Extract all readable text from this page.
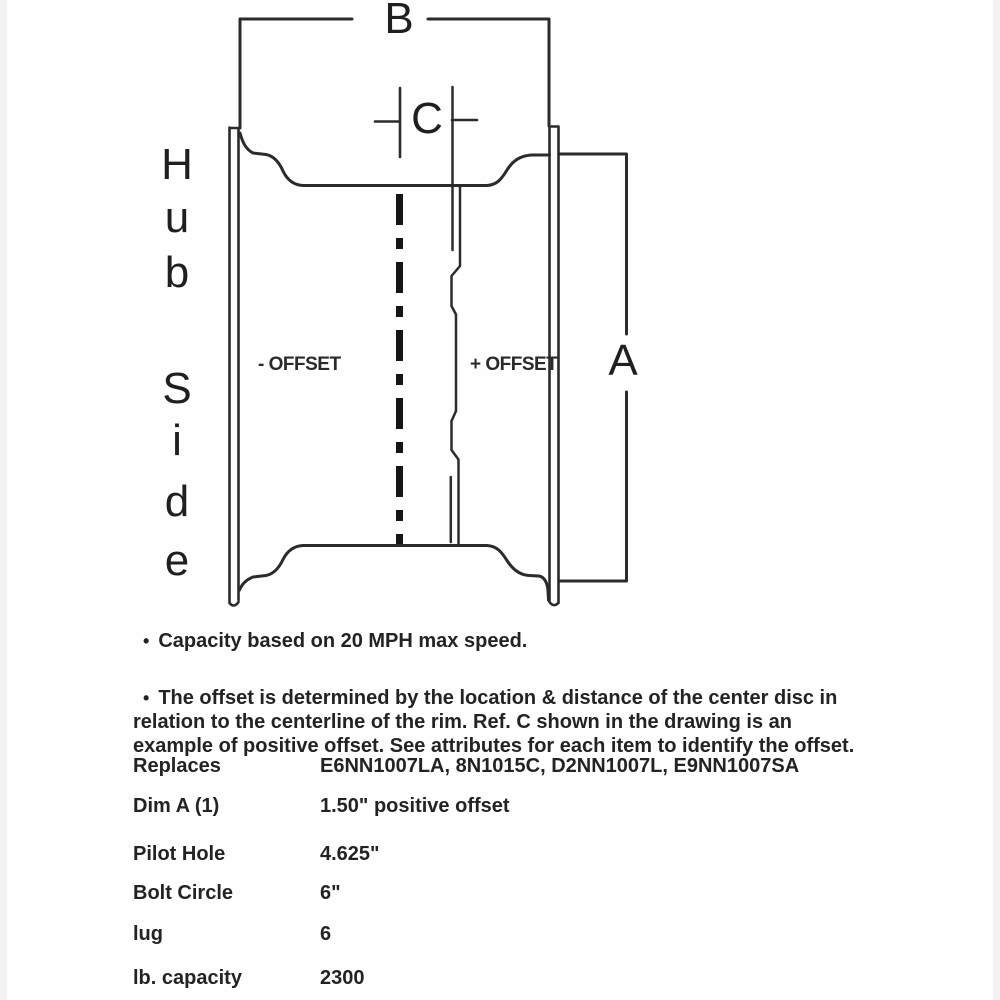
B
C
A
H
u
b
S
i
d
e
- OFFSET	+ OFFSET
• Capacity based on 20 MPH max speed.
• The offset is determined by the location & distance of the center disc in
relation to the centerline of the rim. Ref. C shown in the drawing is an
example of positive offset. See attributes for each item to identify the offset.
Replaces	E6NN1007LA, 8N1015C, D2NN1007L, E9NN1007SA
Dim A (1)	1.50" positive offset
Pilot Hole	4.625"
Bolt Circle	6"
lug	6
lb. capacity	2300
